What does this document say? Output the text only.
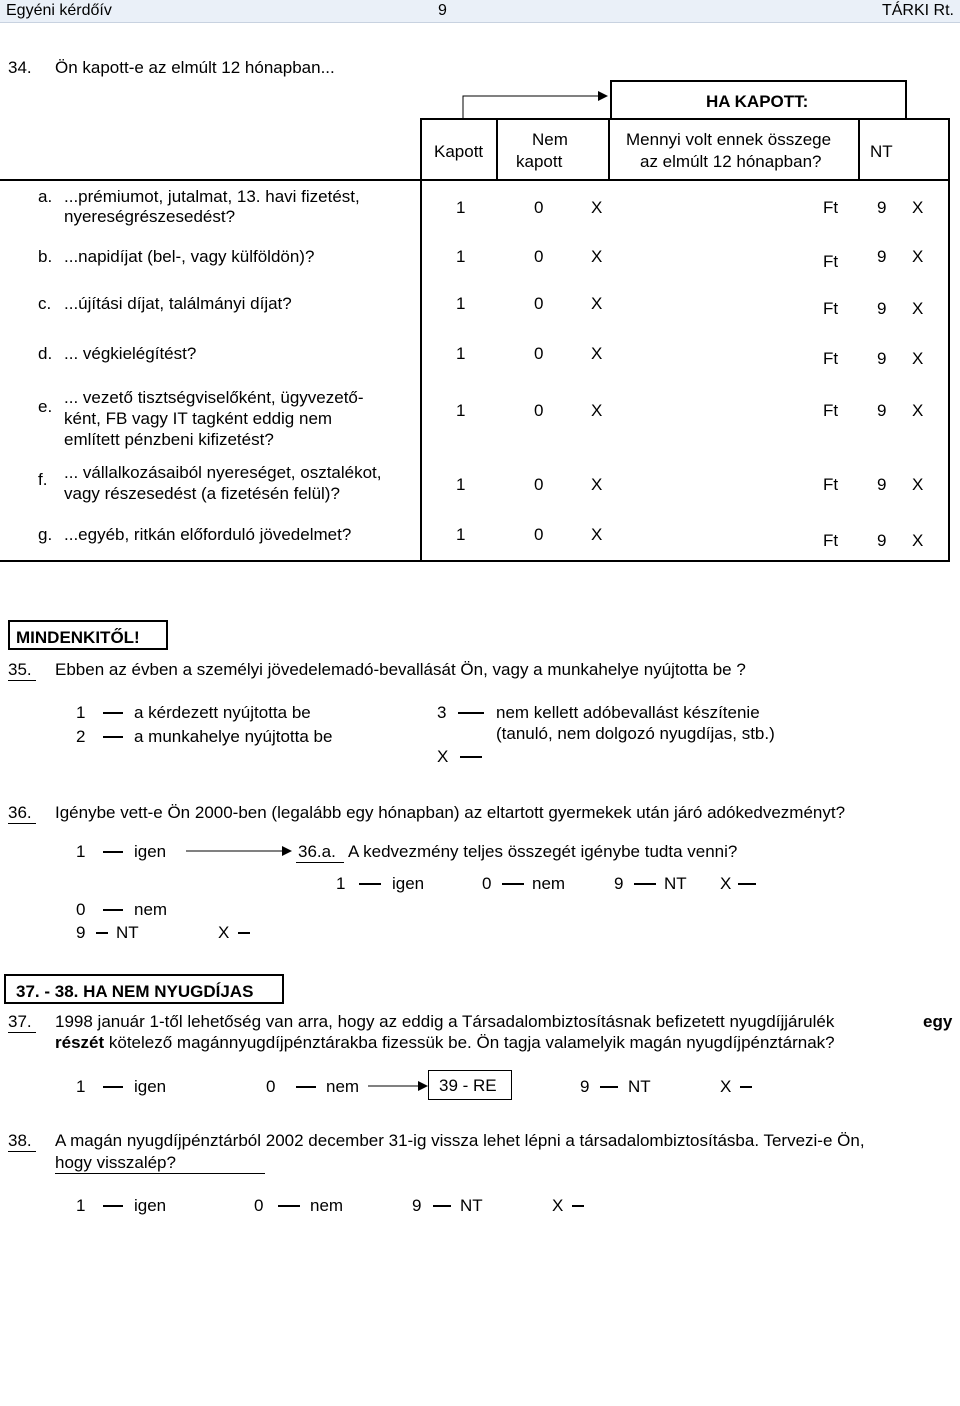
Egyéni kérdőív	9	TÁRKI Rt.
34. Ön kapott-e az elmúlt 12 hónapban...
HA KAPOTT:
Kapott
Nem
kapott
Mennyi volt ennek összege
az elmúlt 12 hónapban?
NT
a. ...prémiumot, jutalmat, 13. havi fizetést,
nyereségrészesedést?	1	0	X	Ft 9 X
b. ...napidíjat (bel-, vagy külföldön)?	1	0	X	Ft 9 X
c. ...újítási díjat, találmányi díjat?	1	0	X	Ft 9 X
d. ... végkielégítést?	1	0	X	Ft 9 X
e. ... vezető tisztségviselőként, ügyvezető-
ként, FB vagy IT tagként eddig nem
említett pénzbeni kifizetést?
1	0	X	Ft 9 X
f. ... vállalkozásaiból nyereséget, osztalékot,
vagy részesedést (a fizetésén felül)?	1	0	X	Ft 9 X
g. ...egyéb, ritkán előforduló jövedelmet?	1	0	X	Ft 9 X
MINDENKITŐL!
35. Ebben az évben a személyi jövedelemadó-bevallását Ön, vagy a munkahelye nyújtotta be ?
1	a kérdezett nyújtotta be
2	a munkahelye nyújtotta be
3	nem kellett adóbevallást készítenie
(tanuló, nem dolgozó nyugdíjas, stb.)
X
36. Igénybe vett-e Ön 2000-ben (legalább egy hónapban) az eltartott gyermekek után járó adókedvezményt?
1	igen	36.a. A kedvezmény teljes összegét igénybe tudta venni?
1	igen	0 nem	9 NT X
0	nem
9 NT	X
37. - 38. HA NEM NYUGDÍJAS
37. 1998 január 1-től lehetőség van arra, hogy az eddig a Társadalombiztosításnak befizetett nyugdíjjárulék	egy
részét kötelező magánnyugdíjpénztárakba fizessük be. Ön tagja valamelyik magán nyugdíjpénztárnak?
1	igen	0	nem	39 - RE	9 NT	X
38. A magán nyugdíjpénztárból 2002 december 31-ig vissza lehet lépni a társadalombiztosításba. Tervezi-e Ön,
hogy visszalép?
1	igen	0	nem	9 NT	X
